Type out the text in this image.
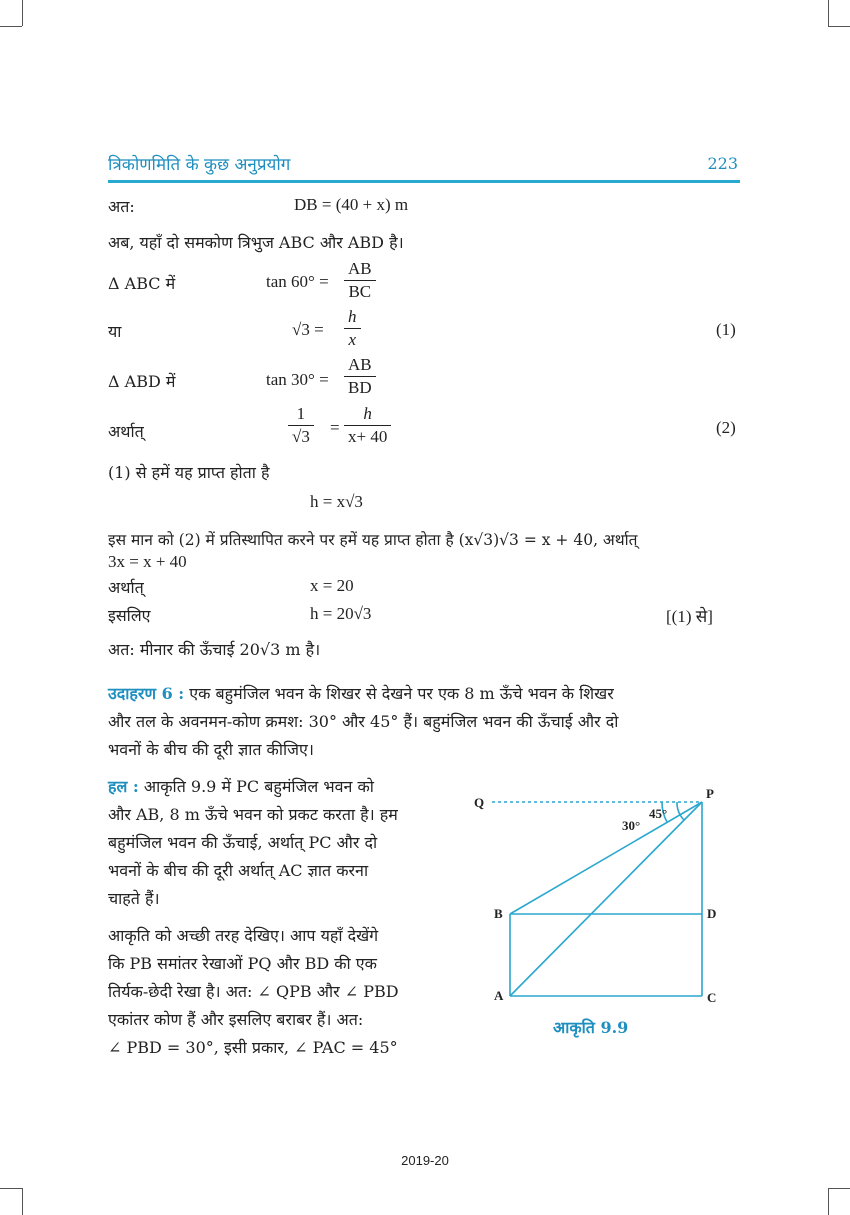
त्रिकोणमिति के कुछ अनुप्रयोग	223
अत:	DB = (40 + x) m
अब, यहाँ दो समकोण त्रिभुज ABC और ABD है।
Δ ABC में	$\tan 60^\circ = \frac{AB}{BC}$
या	$√3 = \frac{h}{x}$	(1)
Δ ABD में	$\tan 30^\circ = \frac{AB}{BD}$
अर्थात्	$\frac{1}{√3} = \frac{h}{x+ 40}$	(2)
(1) से हमें यह प्राप्त होता है
h = x√3
इस मान को (2) में प्रतिस्थापित करने पर हमें यह प्राप्त होता है (x√3)√3 = x + 40, अर्थात्
3x = x + 40
अर्थात्	x = 20
इसलिए	h = 20√3	[(1) से]
अत: मीनार की ऊँचाई 20√3 m है।
उदाहरण 6 : एक बहुमंजिल भवन के शिखर से देखने पर एक 8 m ऊँचे भवन के शिखर
और तल के अवनमन-कोण क्रमश: 30° और 45° हैं। बहुमंजिल भवन की ऊँचाई और दो
भवनों के बीच की दूरी ज्ञात कीजिए।
हल : आकृति 9.9 में PC बहुमंजिल भवन को
और AB, 8 m ऊँचे भवन को प्रकट करता है। हम
बहुमंजिल भवन की ऊँचाई, अर्थात् PC और दो
भवनों के बीच की दूरी अर्थात् AC ज्ञात करना
चाहते हैं।
आकृति को अच्छी तरह देखिए। आप यहाँ देखेंगे
कि PB समांतर रेखाओं PQ और BD की एक
तिर्यक-छेदी रेखा है। अत: ∠ QPB और ∠ PBD
एकांतर कोण हैं और इसलिए बराबर हैं। अत:
∠ PBD = 30°, इसी प्रकार, ∠ PAC = 45°
Q
P
B	D
A	C
30°
45°
आकृति 9.9
2019-20
